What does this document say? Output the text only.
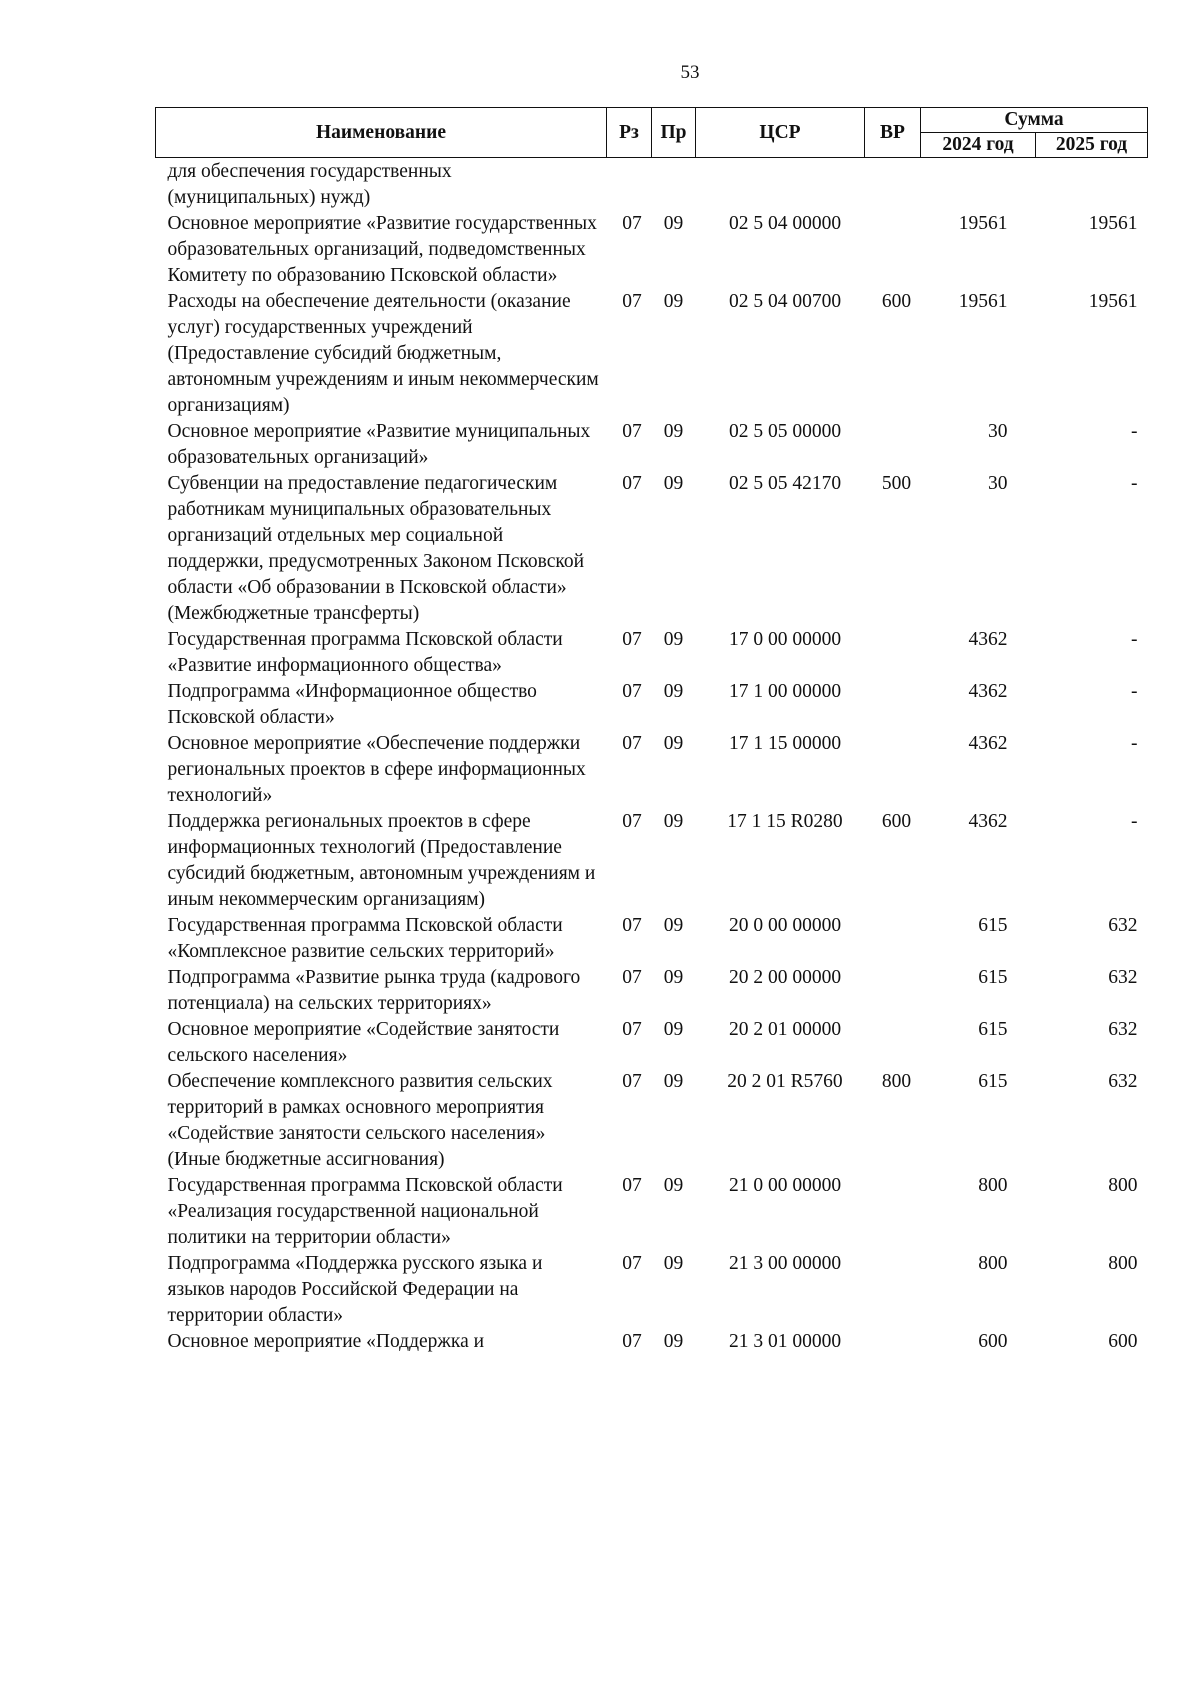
53
Наименование	Рз	Пр	ЦСР	ВР	Сумма	
					2024 год	2025 год
для обеспечения государственных (муниципальных) нужд)						
Основное мероприятие «Развитие государственных образовательных организаций, подведомственных Комитету по образованию Псковской области»	07	09	02 5 04 00000		19561	19561
Расходы на обеспечение деятельности (оказание услуг) государственных учреждений (Предоставление субсидий бюджетным, автономным учреждениям и иным некоммерческим организациям)	07	09	02 5 04 00700	600	19561	19561
Основное мероприятие «Развитие муниципальных образовательных организаций»	07	09	02 5 05 00000		30	-
Субвенции на предоставление педагогическим работникам муниципальных образовательных организаций отдельных мер социальной поддержки, предусмотренных Законом Псковской области «Об образовании в Псковской области» (Межбюджетные трансферты)	07	09	02 5 05 42170	500	30	-
Государственная программа Псковской области «Развитие информационного общества»	07	09	17 0 00 00000		4362	-
Подпрограмма «Информационное общество Псковской области»	07	09	17 1 00 00000		4362	-
Основное мероприятие «Обеспечение поддержки региональных проектов в сфере информационных технологий»	07	09	17 1 15 00000		4362	-
Поддержка региональных проектов в сфере информационных технологий (Предоставление субсидий бюджетным, автономным учреждениям и иным некоммерческим организациям)	07	09	17 1 15 R0280	600	4362	-
Государственная программа Псковской области «Комплексное развитие сельских территорий»	07	09	20 0 00 00000		615	632
Подпрограмма «Развитие рынка труда (кадрового потенциала) на сельских территориях»	07	09	20 2 00 00000		615	632
Основное мероприятие «Содействие занятости сельского населения»	07	09	20 2 01 00000		615	632
Обеспечение комплексного развития сельских территорий в рамках основного мероприятия «Содействие занятости сельского населения» (Иные бюджетные ассигнования)	07	09	20 2 01 R5760	800	615	632
Государственная программа Псковской области «Реализация государственной национальной политики на территории области»	07	09	21 0 00 00000		800	800
Подпрограмма «Поддержка русского языка и языков народов Российской Федерации на территории области»	07	09	21 3 00 00000		800	800
Основное мероприятие «Поддержка и	07	09	21 3 01 00000		600	600
